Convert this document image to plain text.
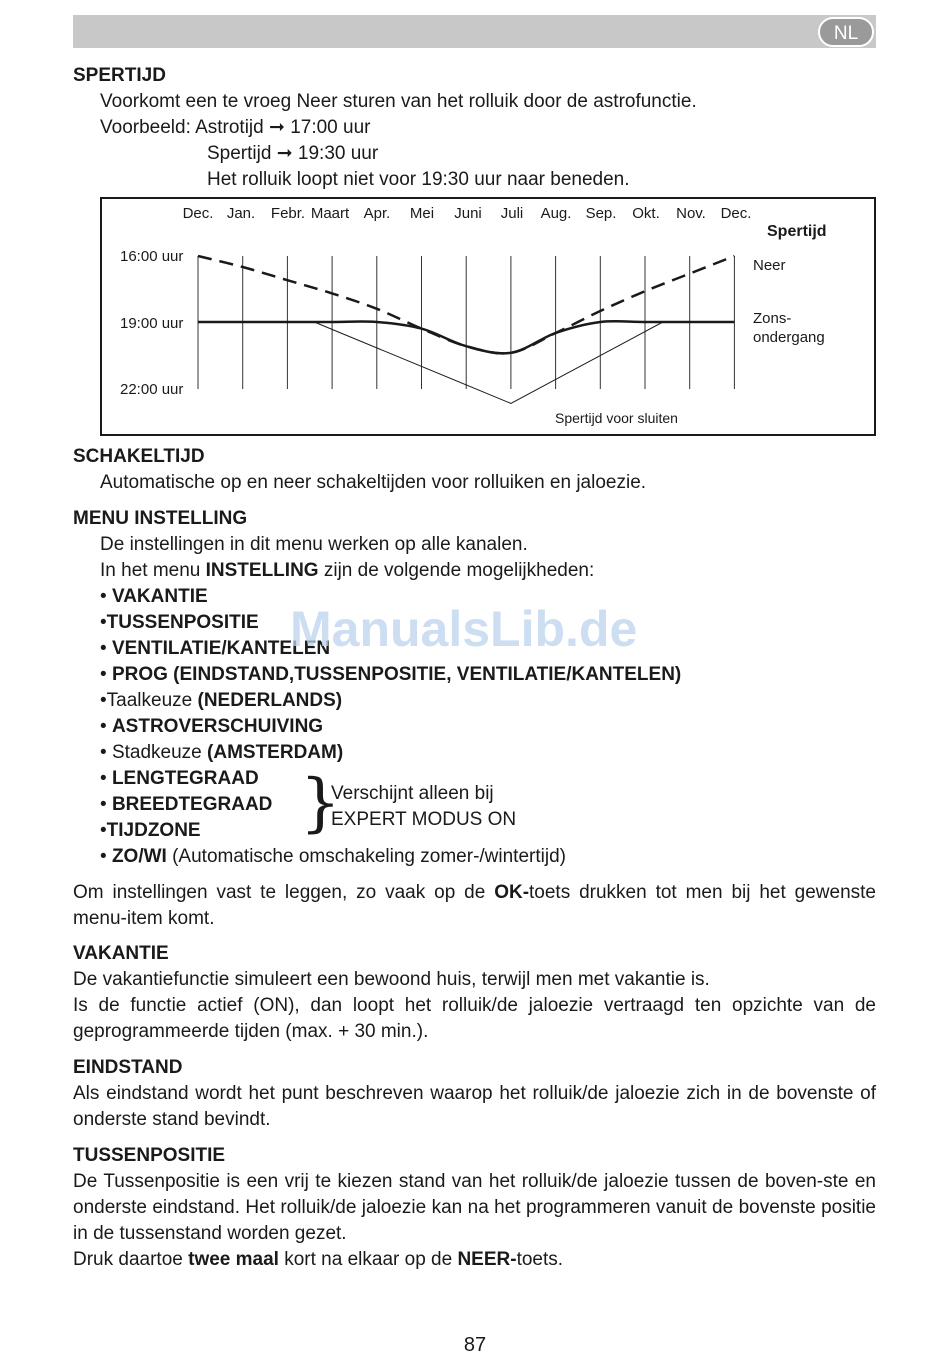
NL
SPERTIJD
Voorkomt een te vroeg Neer sturen van het rolluik door de astrofunctie.
Voorbeeld: Astrotijd ➞ 17:00 uur
Spertijd ➞ 19:30 uur
Het rolluik loopt niet voor 19:30 uur naar beneden.
Dec. Jan. Febr. Maart Apr. Mei Juni Juli Aug. Sep. Okt. Nov. Dec.
16:00 uur
19:00 uur
22:00 uur
Spertijd
Neer
Zons-
ondergang
Spertijd voor sluiten
SCHAKELTIJD
Automatische op en neer schakeltijden voor rolluiken en jaloezie.
MENU INSTELLING
De instellingen in dit menu werken op alle kanalen.
In het menu INSTELLING zijn de volgende mogelijkheden:
• VAKANTIE
•TUSSENPOSITIE
• VENTILATIE/KANTELEN
• PROG (EINDSTAND,TUSSENPOSITIE, VENTILATIE/KANTELEN)
•Taalkeuze (NEDERLANDS)
• ASTROVERSCHUIVING
• Stadkeuze (AMSTERDAM)
• LENGTEGRAAD
• BREEDTEGRAAD
•TIJDZONE
• ZO/WI (Automatische omschakeling zomer-/wintertijd)
}
Verschijnt alleen bij
EXPERT MODUS ON
ManualsLib.de
Om instellingen vast te leggen, zo vaak op de OK-toets drukken tot men bij het gewenste menu-item komt.
VAKANTIE
De vakantiefunctie simuleert een bewoond huis, terwijl men met vakantie is.
Is de functie actief (ON), dan loopt het rolluik/de jaloezie vertraagd ten opzichte van de geprogrammeerde tijden (max. + 30 min.).
EINDSTAND
Als eindstand wordt het punt beschreven waarop het rolluik/de jaloezie zich in de bovenste of onderste stand bevindt.
TUSSENPOSITIE
De Tussenpositie is een vrij te kiezen stand van het rolluik/de jaloezie tussen de boven-ste en onderste eindstand. Het rolluik/de jaloezie kan na het programmeren vanuit de bovenste positie in de tussenstand worden gezet.
Druk daartoe twee maal kort na elkaar op de NEER-toets.
87
